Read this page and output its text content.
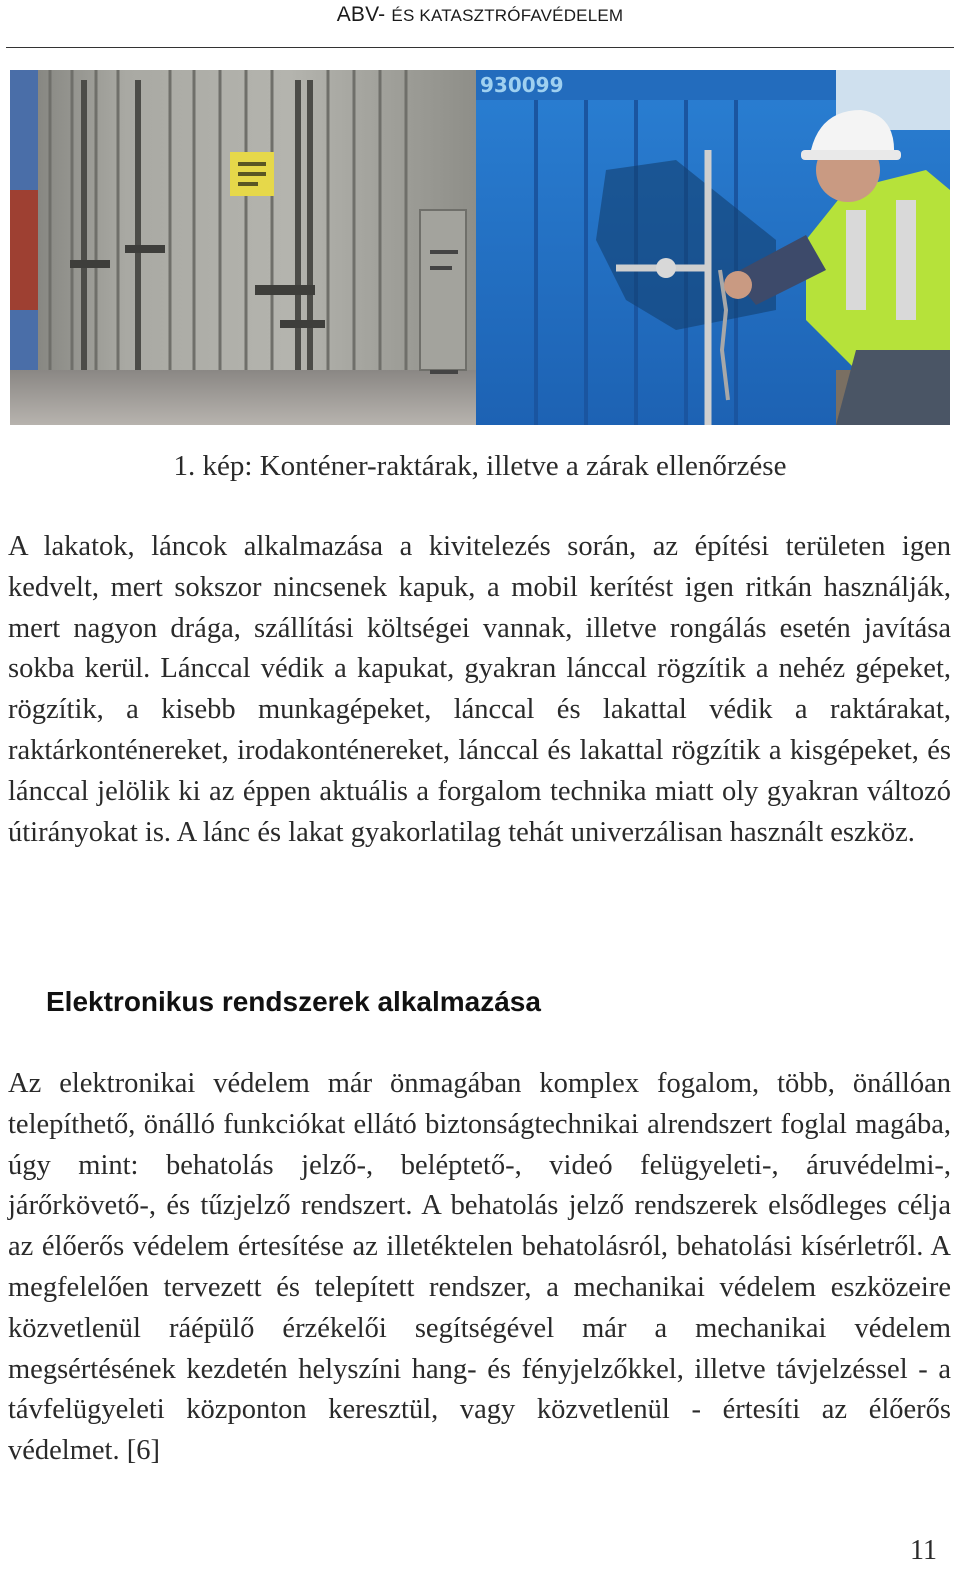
ABV- ÉS KATASZTRÓFAVÉDELEM
930099
1. kép: Konténer-raktárak, illetve a zárak ellenőrzése

A lakatok, láncok alkalmazása a kivitelezés során, az építési területen igen kedvelt, mert sokszor nincsenek kapuk, a mobil kerítést igen ritkán használják, mert nagyon drága, szállítási költségei vannak, illetve rongálás esetén javítása sokba kerül. Lánccal védik a kapukat, gyakran lánccal rögzítik a nehéz gépeket, rögzítik, a kisebb munkagépeket, lánccal és lakattal védik a raktárakat, raktárkonténereket, irodakonténereket, lánccal és lakattal rögzítik a kisgépeket, és lánccal jelölik ki az éppen aktuális a forgalom technika miatt oly gyakran változó útirányokat is. A lánc és lakat gyakorlatilag tehát univerzálisan használt eszköz.

Elektronikus rendszerek alkalmazása

Az elektronikai védelem már önmagában komplex fogalom, több, önállóan telepíthető, önálló funkciókat ellátó biztonságtechnikai alrendszert foglal magába, úgy mint: behatolás jelző-, beléptető-, videó felügyeleti-, áruvédelmi-, járőrkövető-, és tűzjelző rendszert. A behatolás jelző rendszerek elsődleges célja az élőerős védelem értesítése az illetéktelen behatolásról, behatolási kísérletről. A megfelelően tervezett és telepített rendszer, a mechanikai védelem eszközeire közvetlenül ráépülő érzékelői segítségével már a mechanikai védelem megsértésének kezdetén helyszíni hang- és fényjelzőkkel, illetve távjelzéssel - a távfelügyeleti központon keresztül, vagy közvetlenül - értesíti az élőerős védelmet. [6]

11
